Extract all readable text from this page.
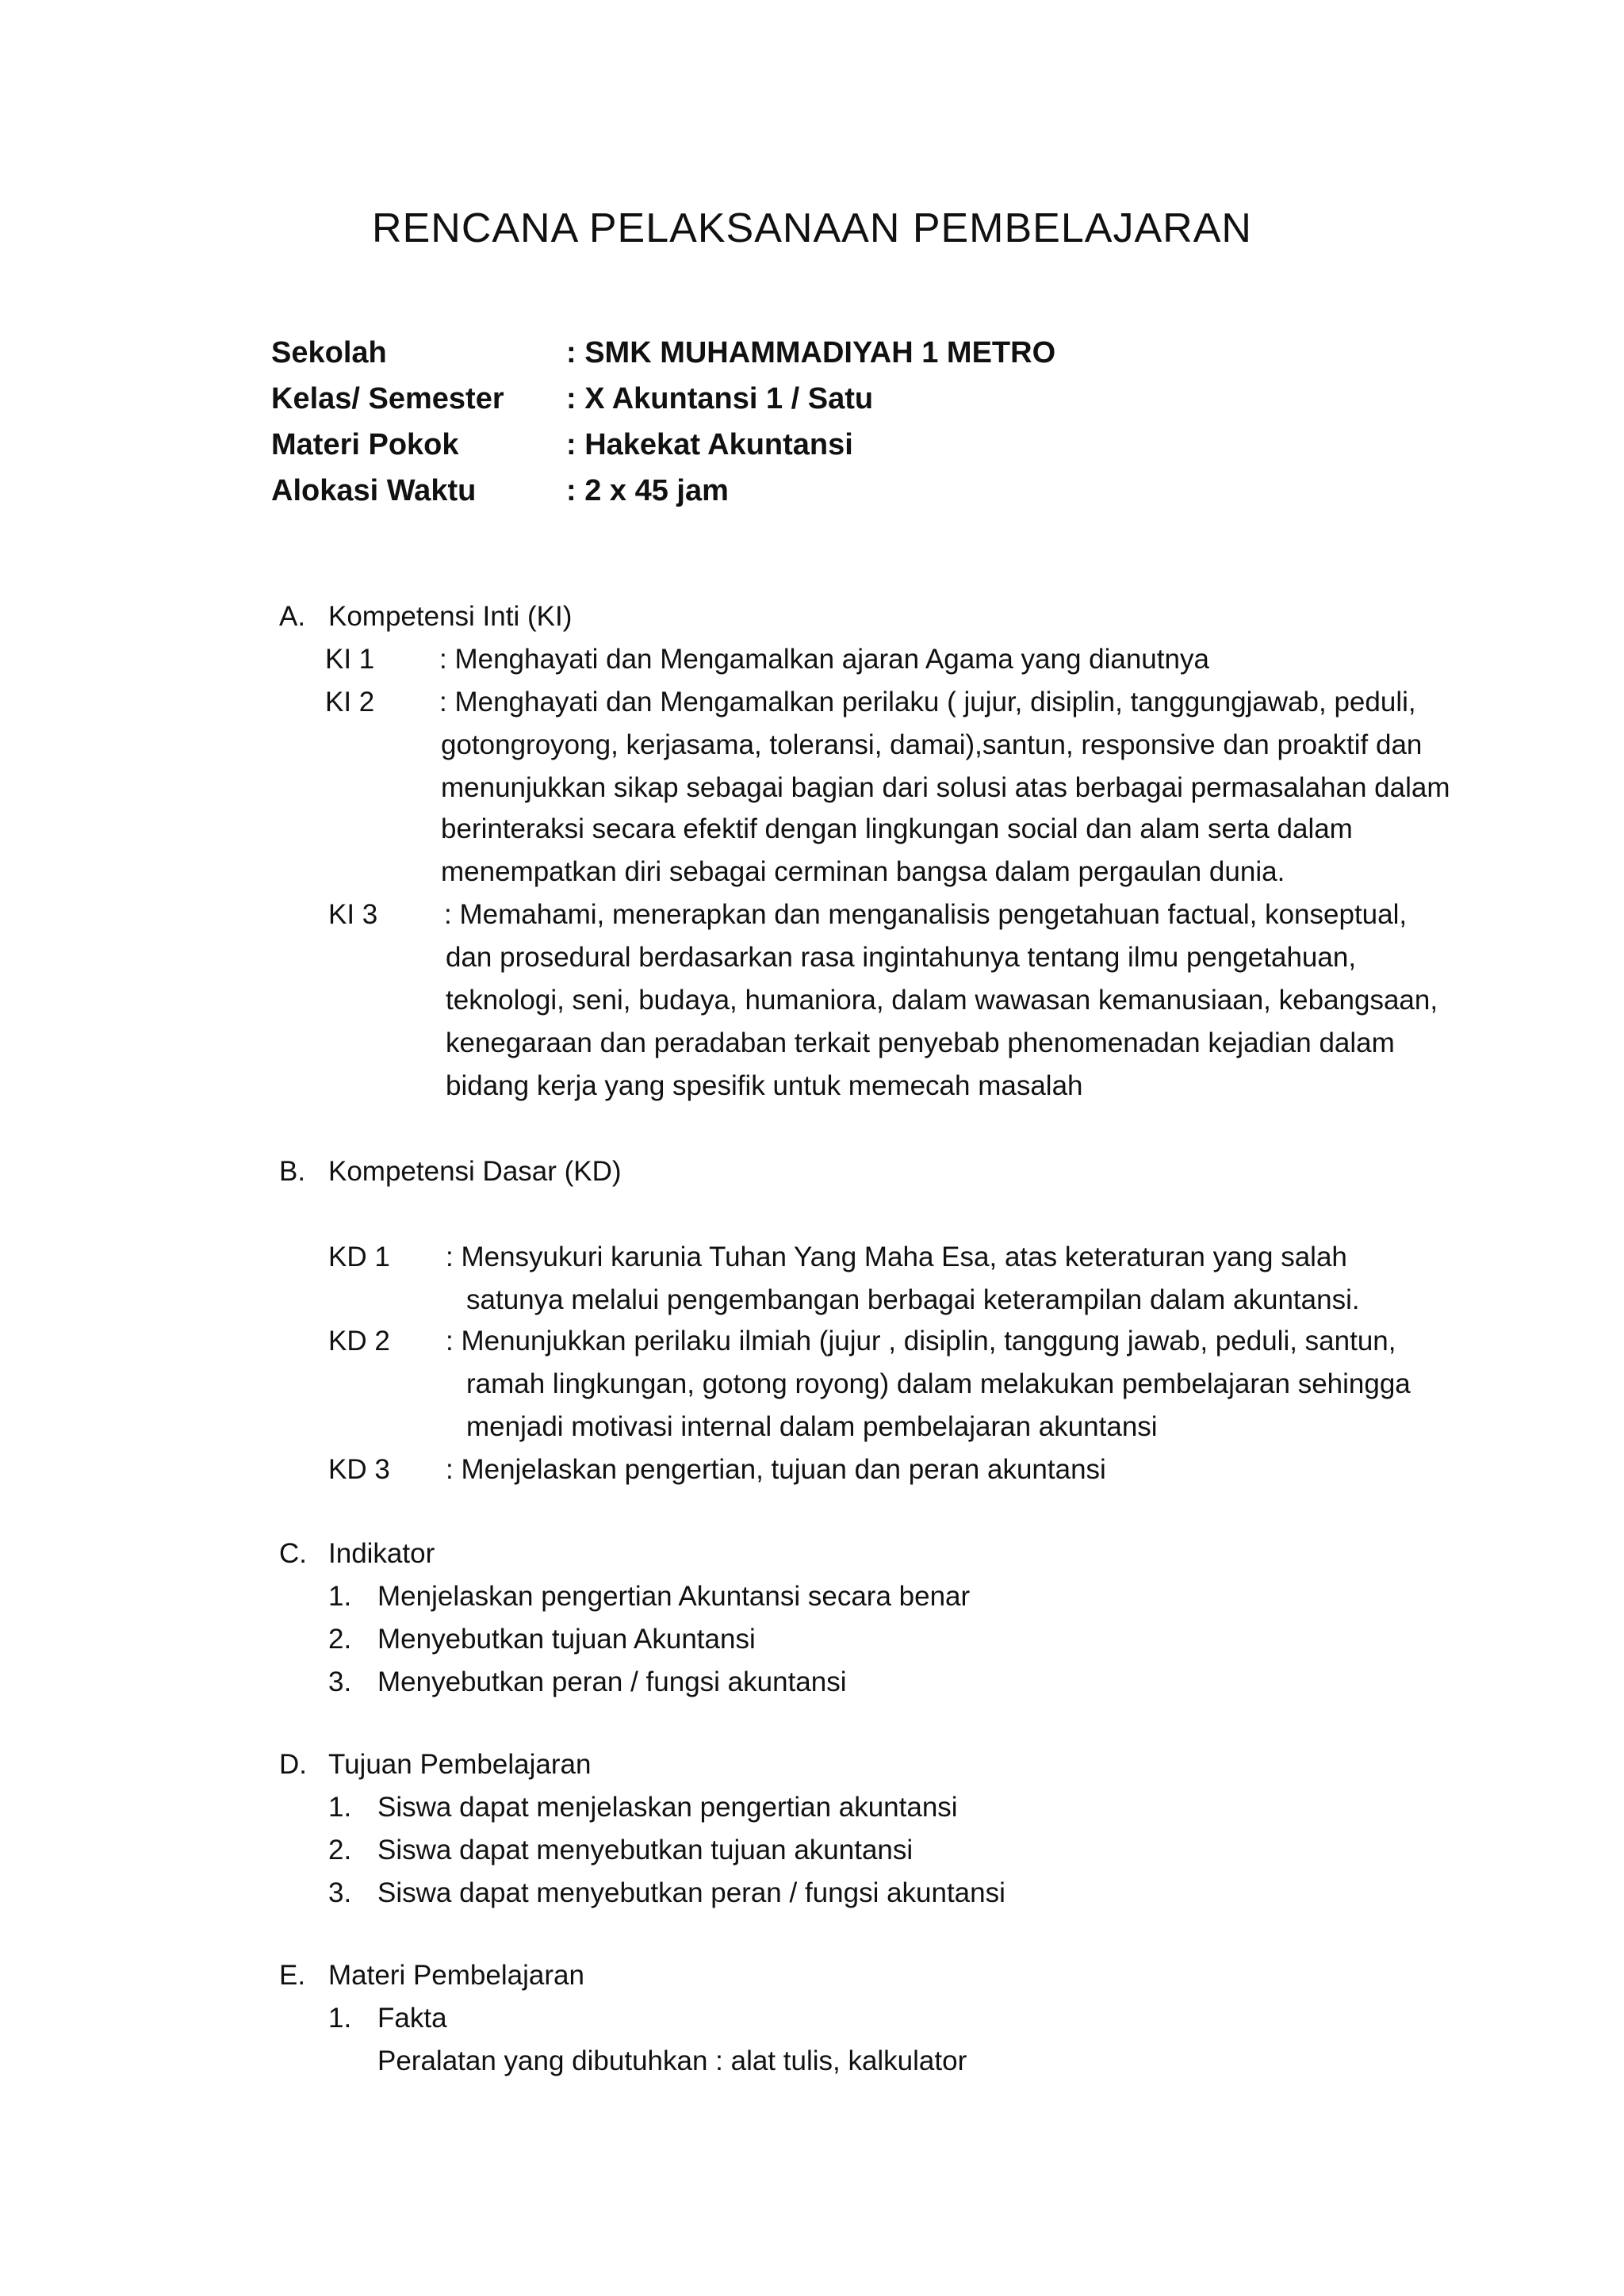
RENCANA PELAKSANAAN PEMBELAJARAN
Sekolah	: SMK MUHAMMADIYAH 1 METRO
Kelas/ Semester : X Akuntansi 1 / Satu
Materi Pokok	: Hakekat Akuntansi
Alokasi Waktu	: 2 x 45 jam
A. Kompetensi Inti (KI)
KI 1 : Menghayati dan Mengamalkan ajaran Agama yang dianutnya
KI 2 : Menghayati dan Mengamalkan perilaku ( jujur, disiplin, tanggungjawab, peduli,
gotongroyong, kerjasama, toleransi, damai),santun, responsive dan proaktif dan
menunjukkan sikap sebagai bagian dari solusi atas berbagai permasalahan dalam
berinteraksi secara efektif dengan lingkungan social dan alam serta dalam
menempatkan diri sebagai cerminan bangsa dalam pergaulan dunia.
KI 3 : Memahami, menerapkan dan menganalisis pengetahuan factual, konseptual,
dan prosedural berdasarkan rasa ingintahunya tentang ilmu pengetahuan,
teknologi, seni, budaya, humaniora, dalam wawasan kemanusiaan, kebangsaan,
kenegaraan dan peradaban terkait penyebab phenomenadan kejadian dalam
bidang kerja yang spesifik untuk memecah masalah
B. Kompetensi Dasar (KD)
KD 1 : Mensyukuri karunia Tuhan Yang Maha Esa, atas keteraturan yang salah
satunya melalui pengembangan berbagai keterampilan dalam akuntansi.
KD 2 : Menunjukkan perilaku ilmiah (jujur , disiplin, tanggung jawab, peduli, santun,
ramah lingkungan, gotong royong) dalam melakukan pembelajaran sehingga
menjadi motivasi internal dalam pembelajaran akuntansi
KD 3 : Menjelaskan pengertian, tujuan dan peran akuntansi
C. Indikator
1. Menjelaskan pengertian Akuntansi secara benar
2. Menyebutkan tujuan Akuntansi
3. Menyebutkan peran / fungsi akuntansi
D. Tujuan Pembelajaran
1. Siswa dapat menjelaskan pengertian akuntansi
2. Siswa dapat menyebutkan tujuan akuntansi
3. Siswa dapat menyebutkan peran / fungsi akuntansi
E. Materi Pembelajaran
1. Fakta
Peralatan yang dibutuhkan : alat tulis, kalkulator
